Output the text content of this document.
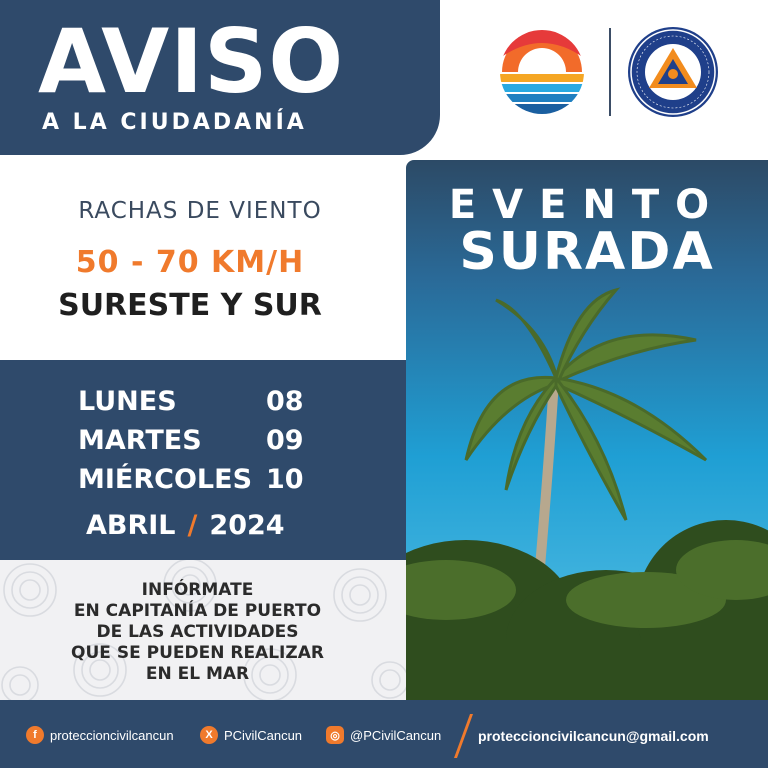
AVISO
A LA CIUDADANÍA
RACHAS DE VIENTO
50 - 70 KM/H
SURESTE Y SUR
LUNES	08
MARTES 09
MIÉRCOLES 10
ABRIL / 2024
INFÓRMATE
EN CAPITANÍA DE PUERTO
DE LAS ACTIVIDADES
QUE SE PUEDEN REALIZAR
EN EL MAR
EVENTO
SURADA
f	proteccioncivilcancun	X PCivilCancun	◎ @PCivilCancun	proteccioncivilcancun@gmail.com
